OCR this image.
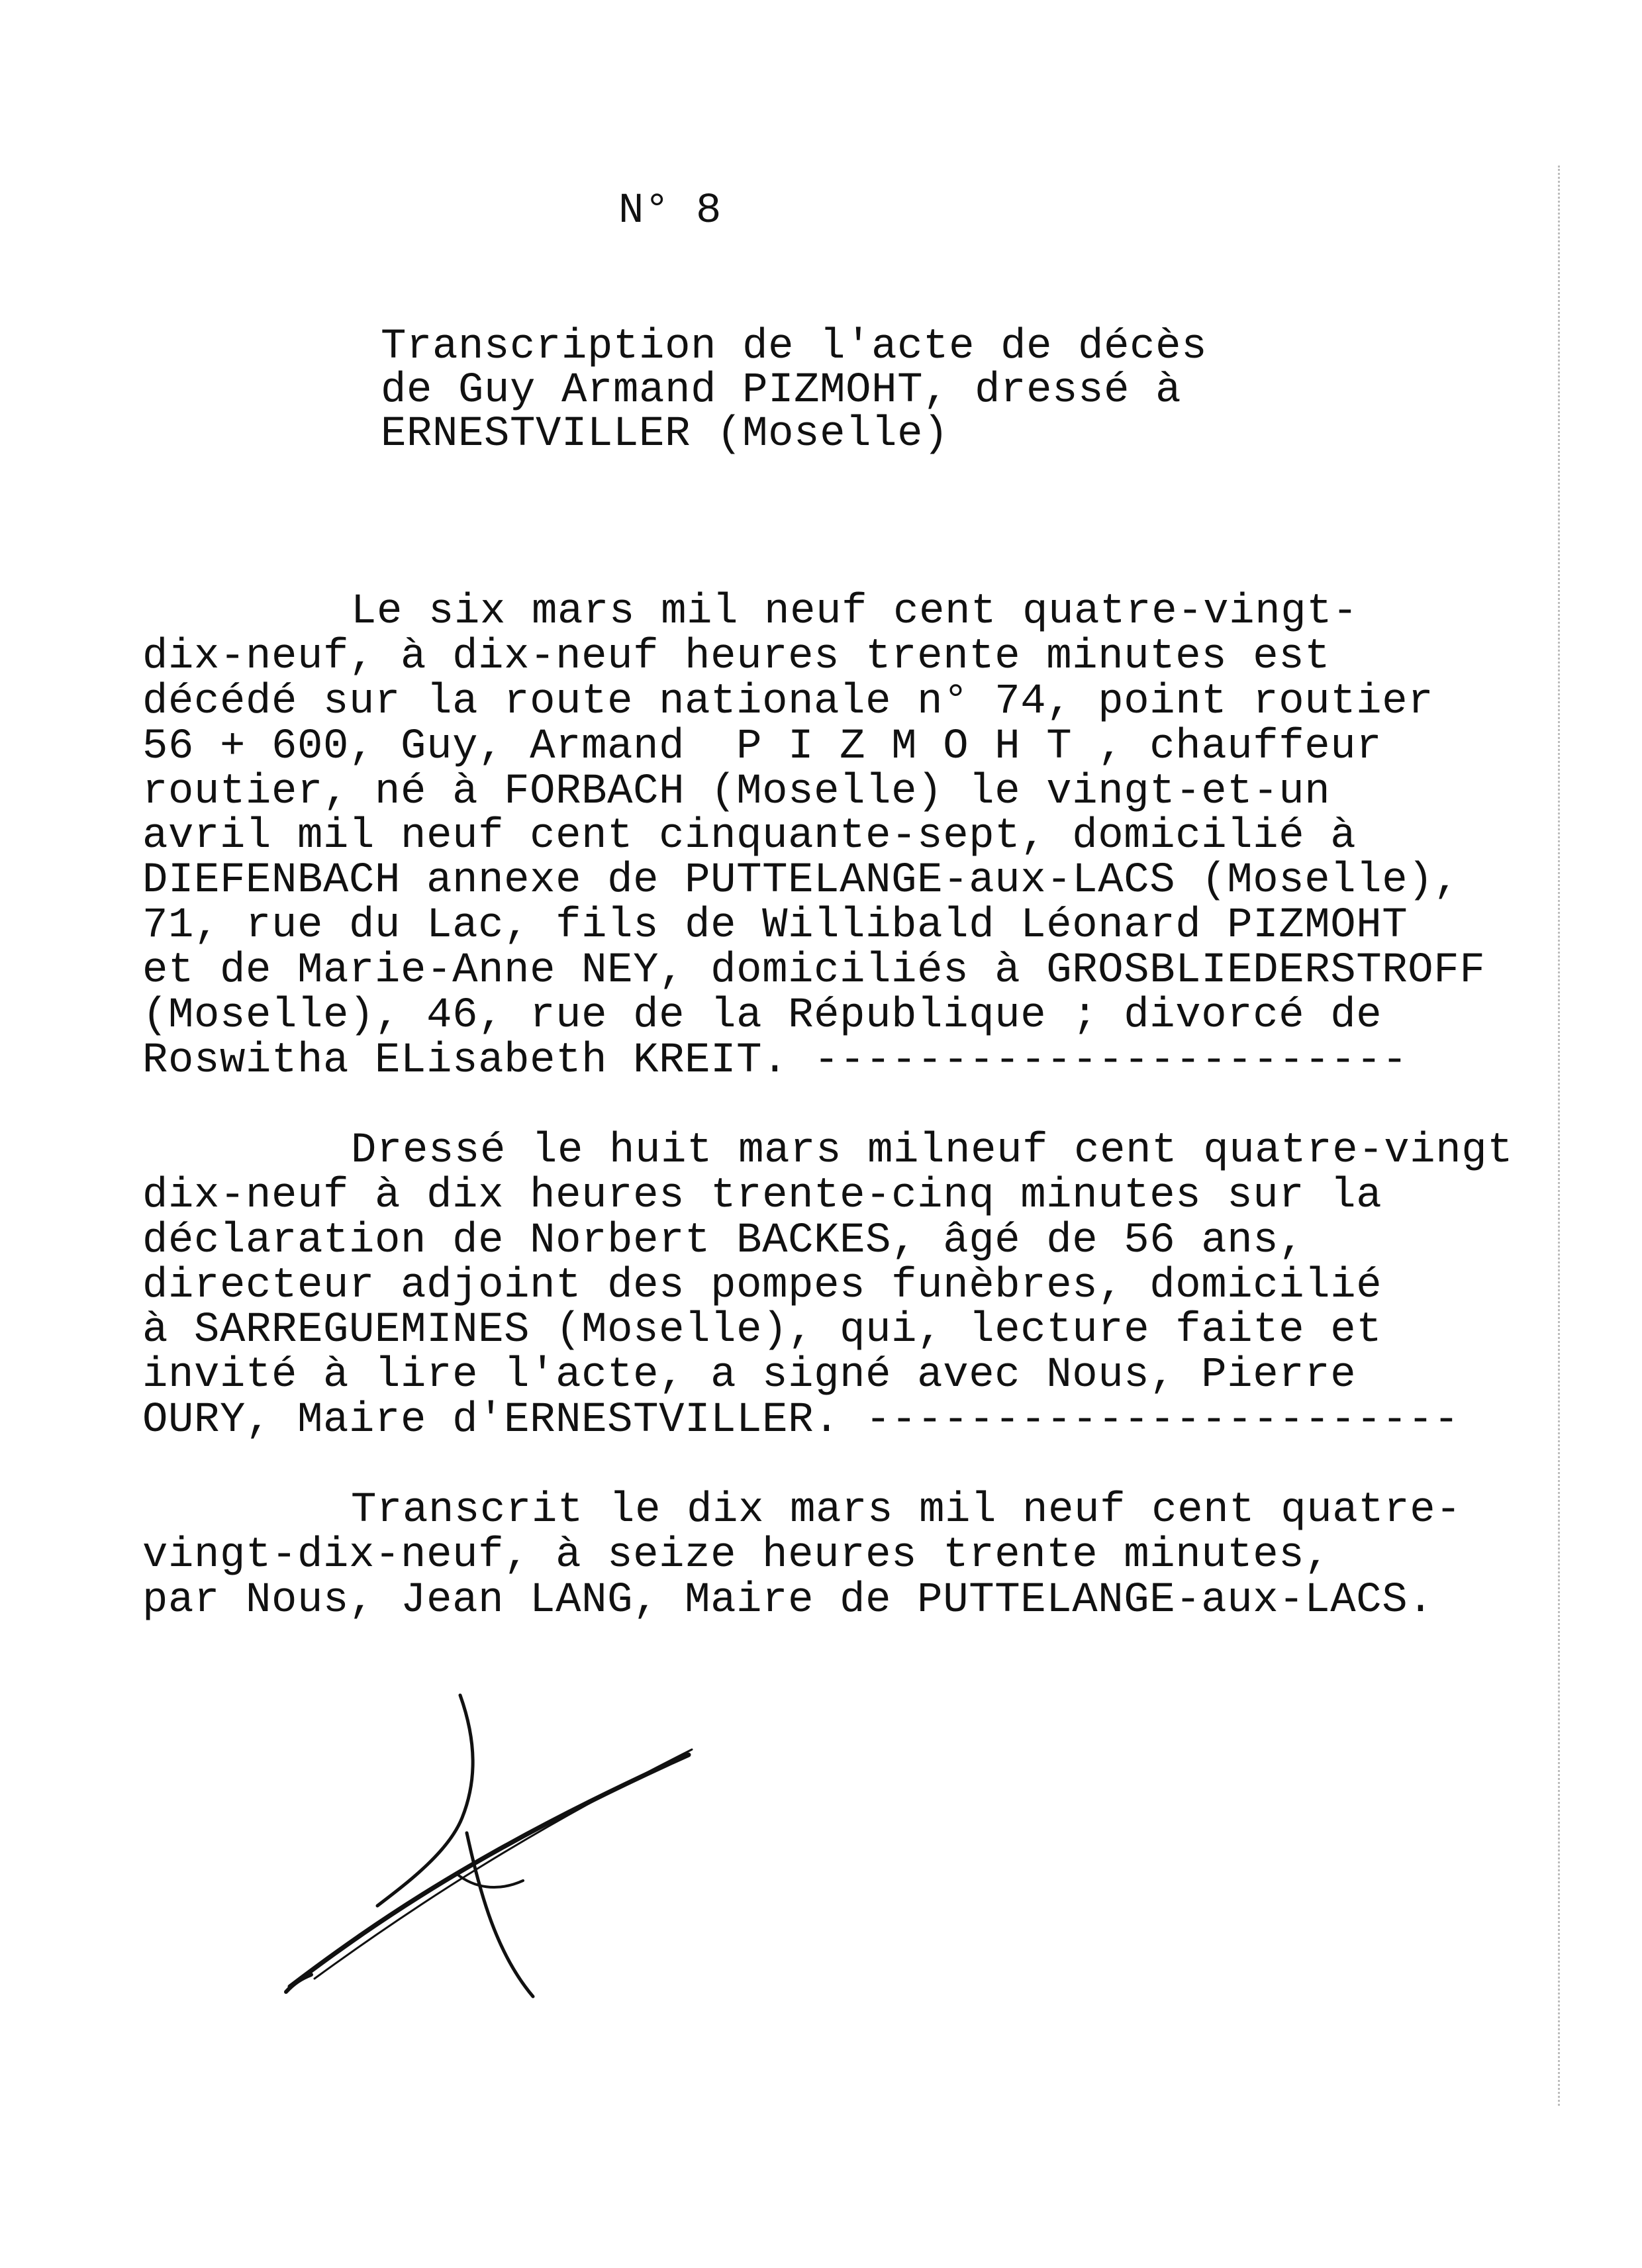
N° 8
Transcription de l'acte de décès
de Guy Armand PIZMOHT, dressé à
ERNESTVILLER (Moselle)
Le six mars mil neuf cent quatre-vingt-
dix-neuf, à dix-neuf heures trente minutes est
décédé sur la route nationale n° 74, point routier
56 + 600, Guy, Armand  P I Z M O H T , chauffeur
routier, né à FORBACH (Moselle) le vingt-et-un
avril mil neuf cent cinquante-sept, domicilié à
DIEFENBACH annexe de PUTTELANGE-aux-LACS (Moselle),
71, rue du Lac, fils de Willibald Léonard PIZMOHT
et de Marie-Anne NEY, domiciliés à GROSBLIEDERSTROFF
(Moselle), 46, rue de la République ; divorcé de
Roswitha ELisabeth KREIT. -----------------------
Dressé le huit mars milneuf cent quatre-vingt
dix-neuf à dix heures trente-cinq minutes sur la
déclaration de Norbert BACKES, âgé de 56 ans,
directeur adjoint des pompes funèbres, domicilié
à SARREGUEMINES (Moselle), qui, lecture faite et
invité à lire l'acte, a signé avec Nous, Pierre
OURY, Maire d'ERNESTVILLER. -----------------------
Transcrit le dix mars mil neuf cent quatre-
vingt-dix-neuf, à seize heures trente minutes,
par Nous, Jean LANG, Maire de PUTTELANGE-aux-LACS.
